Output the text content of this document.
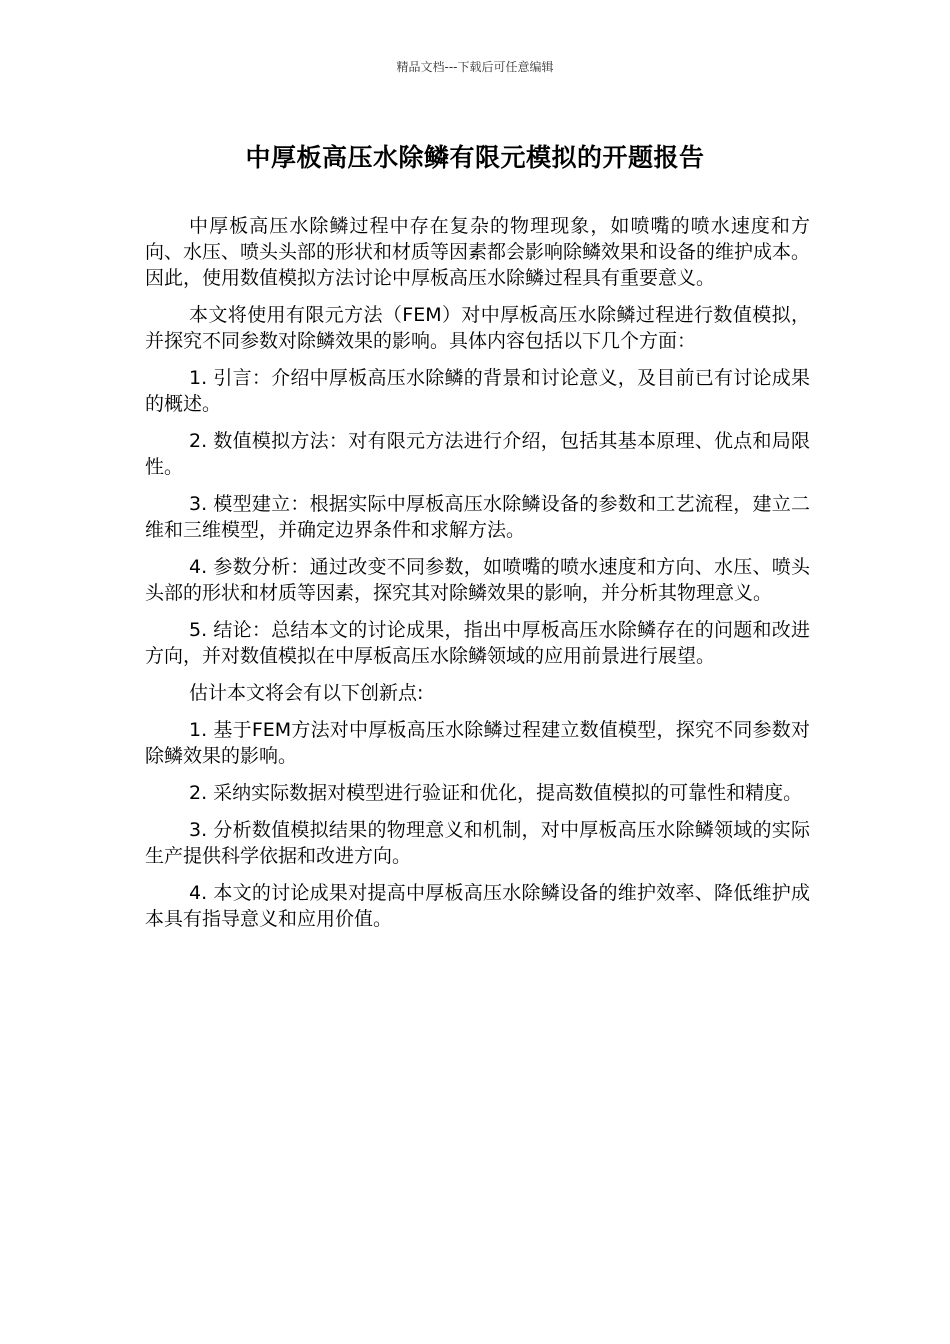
精品文档---下载后可任意编辑
中厚板高压水除鳞有限元模拟的开题报告

中厚板高压水除鳞过程中存在复杂的物理现象，如喷嘴的喷水速度和方向、水压、喷头头部的形状和材质等因素都会影响除鳞效果和设备的维护成本。因此，使用数值模拟方法讨论中厚板高压水除鳞过程具有重要意义。

本文将使用有限元方法（FEM）对中厚板高压水除鳞过程进行数值模拟，并探究不同参数对除鳞效果的影响。具体内容包括以下几个方面：

1. 引言：介绍中厚板高压水除鳞的背景和讨论意义，及目前已有讨论成果的概述。

2. 数值模拟方法：对有限元方法进行介绍，包括其基本原理、优点和局限性。

3. 模型建立：根据实际中厚板高压水除鳞设备的参数和工艺流程，建立二维和三维模型，并确定边界条件和求解方法。

4. 参数分析：通过改变不同参数，如喷嘴的喷水速度和方向、水压、喷头头部的形状和材质等因素，探究其对除鳞效果的影响，并分析其物理意义。

5. 结论：总结本文的讨论成果，指出中厚板高压水除鳞存在的问题和改进方向，并对数值模拟在中厚板高压水除鳞领域的应用前景进行展望。

估计本文将会有以下创新点:

1. 基于FEM方法对中厚板高压水除鳞过程建立数值模型，探究不同参数对除鳞效果的影响。

2. 采纳实际数据对模型进行验证和优化，提高数值模拟的可靠性和精度。

3. 分析数值模拟结果的物理意义和机制，对中厚板高压水除鳞领域的实际生产提供科学依据和改进方向。

4. 本文的讨论成果对提高中厚板高压水除鳞设备的维护效率、降低维护成本具有指导意义和应用价值。
